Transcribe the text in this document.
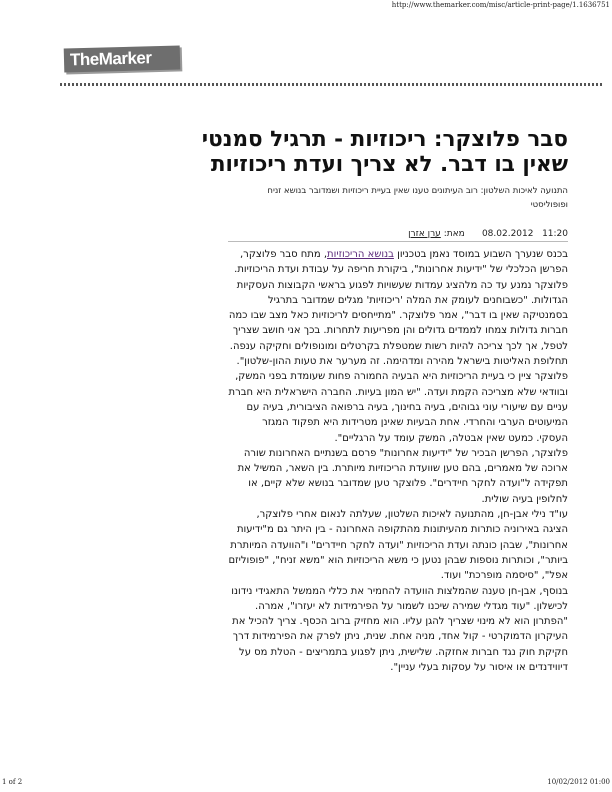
http://www.themarker.com/misc/article-print-page/1.1636751
TheMarker
סבר פלוצקר: ריכוזיות - תרגיל סמנטי שאין בו דבר. לא צריך ועדת ריכוזיות
התנועה לאיכות השלטון: רוב העיתונים טענו שאין בעיית ריכוזיות ושמדובר בנושא זניח ופופוליסטי
11:20   08.02.2012      מאת: ערן אזרן

בכנס שנערך השבוע במוסד נאמן בטכניון בנושא הריכוזיות, מתח סבר פלוצקר, הפרשן הכלכלי של "ידיעות אחרונות", ביקורת חריפה על עבודת ועדת הריכוזיות. פלוצקר נמנע עד כה מלהציג עמדות שעשויות לפגוע בראשי הקבוצות העסקיות הגדולות. "כשבוחנים לעומק את המלה 'ריכוזיות' מגלים שמדובר בתרגיל בסמנטיקה שאין בו דבר", אמר פלוצקר. "מתייחסים לריכוזיות כאל מצב שבו כמה חברות גדולות צמחו לממדים גדולים והן מפריעות לתחרות. בכך אני חושב שצריך לטפל, אך לכך צריכה להיות רשות שמטפלת בקרטלים ומונופולים וחקיקה ענפה. תחלופת האליטות בישראל מהירה ומדהימה. זה מערער את טעות ההון-שלטון".

פלוצקר ציין כי בעיית הריכוזיות היא הבעיה החמורה פחות שעומדת בפני המשק, ובוודאי שלא מצריכה הקמת ועדה. "יש המון בעיות. החברה הישראלית היא חברת עניים עם שיעורי עוני גבוהים, בעיה בחינוך, בעיה ברפואה הציבורית, בעיה עם המיעוטים הערבי והחרדי. אחת הבעיות שאינן מטרידות היא תפקוד המגזר העסקי. כמעט שאין אבטלה, המשק עומד על הרגליים".

פלוצקר, הפרשן הבכיר של "ידיעות אחרונות" פרסם בשנתיים האחרונות שורה ארוכה של מאמרים, בהם טען שוועדת הריכוזיות מיותרת. בין השאר, המשיל את תפקידה ל"ועדה לחקר חיידרים". פלוצקר טען שמדובר בנושא שלא קיים, או לחלופין בעיה שולית.

עו"ד נילי אבן-חן, מהתנועה לאיכות השלטון, שעלתה לנאום אחרי פלוצקר, הציגה באירוניה כותרות מהעיתונות מהתקופה האחרונה - בין היתר גם מ"ידיעות אחרונות", שבהן כונתה ועדת הריכוזיות "ועדה לחקר חיידרים" ו"הוועדה המיותרת ביותר", וכותרות נוספות שבהן נטען כי משא הריכוזיות הוא "משא זניח", "פופוליזם אפל", "סיסמה מופרכת" ועוד.

בנוסף, אבן-חן טענה שהמלצות הוועדה להחמיר את כללי הממשל התאגידי נידונו לכישלון. "עוד מגדלי שמירה שיכנו לשמור על הפירמידות לא יעזרו", אמרה. "הפתרון הוא לא מינוי שצריך להגן עליו. הוא מחזיק ברוב הכסף. צריך להכיל את העיקרון הדמוקרטי - קול אחד, מניה אחת. שנית, ניתן לפרק את הפירמידות דרך חקיקת חוק נגד חברות אחזקה. שלישית, ניתן לפגוע בתמריצים - הטלת מס על דיווידנדים או איסור על עסקות בעלי עניין".

1 of 2	10/02/2012 01:00
